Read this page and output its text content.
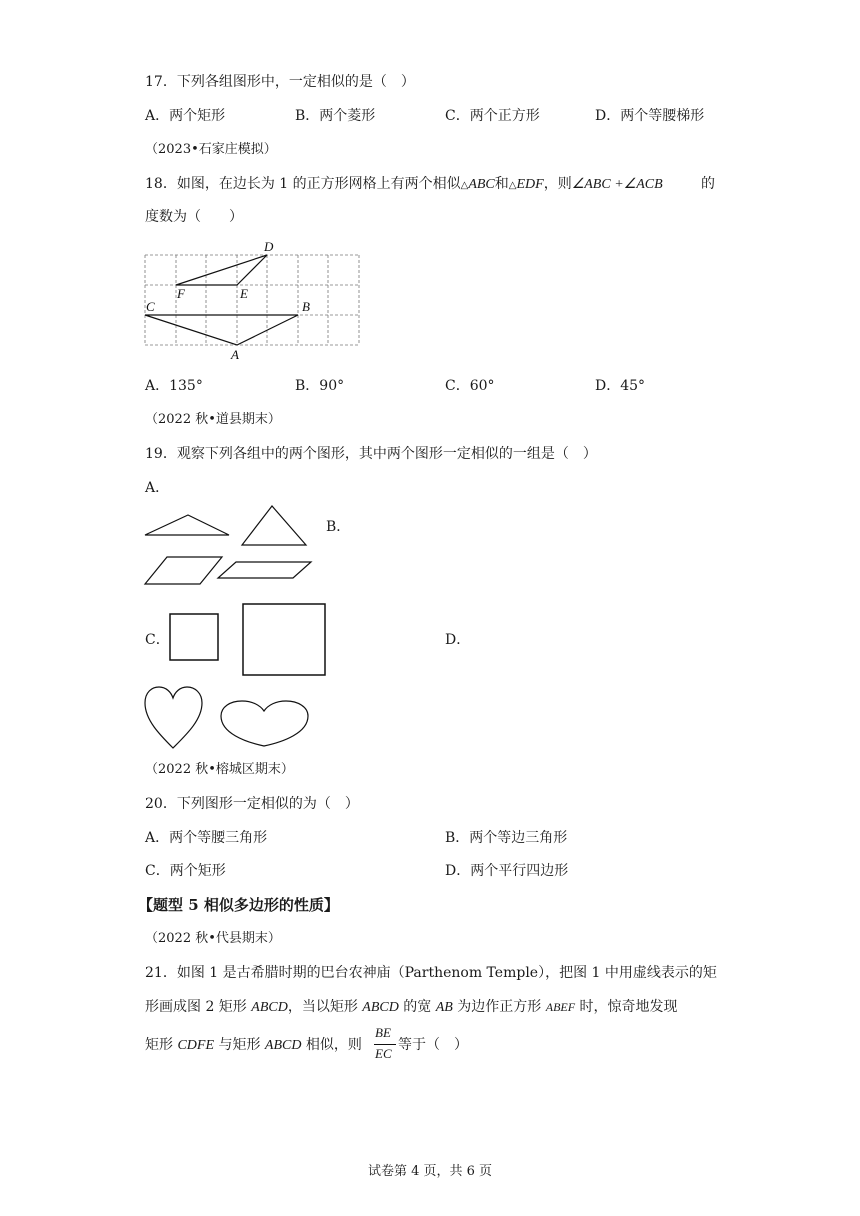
17．下列各组图形中，一定相似的是（　）
A．两个矩形	B．两个菱形	C．两个正方形	D．两个等腰梯形
（2023•石家庄模拟）
18．如图，在边长为 1 的正方形网格上有两个相似△ABC和△EDF，则∠ABC +∠ACB	的
度数为（　　）
D
F	E
C	B
A
A．135°	B．90°	C．60°	D．45°
（2022 秋•道县期末）
19．观察下列各组中的两个图形，其中两个图形一定相似的一组是（　）
A．
B．
C．	D．
（2022 秋•榕城区期末）
20．下列图形一定相似的为（　）
A．两个等腰三角形	B．两个等边三角形
C．两个矩形	D．两个平行四边形
【题型 5 相似多边形的性质】
（2022 秋•代县期末）
21．如图 1 是古希腊时期的巴台农神庙（Parthenom Temple），把图 1 中用虚线表示的矩
形画成图 2 矩形 ABCD，当以矩形 ABCD 的宽 AB 为边作正方形 ABEF 时，惊奇地发现
矩形 CDFE 与矩形 ABCD 相似，则
BE
EC
等于（　）
试卷第 4 页，共 6 页
